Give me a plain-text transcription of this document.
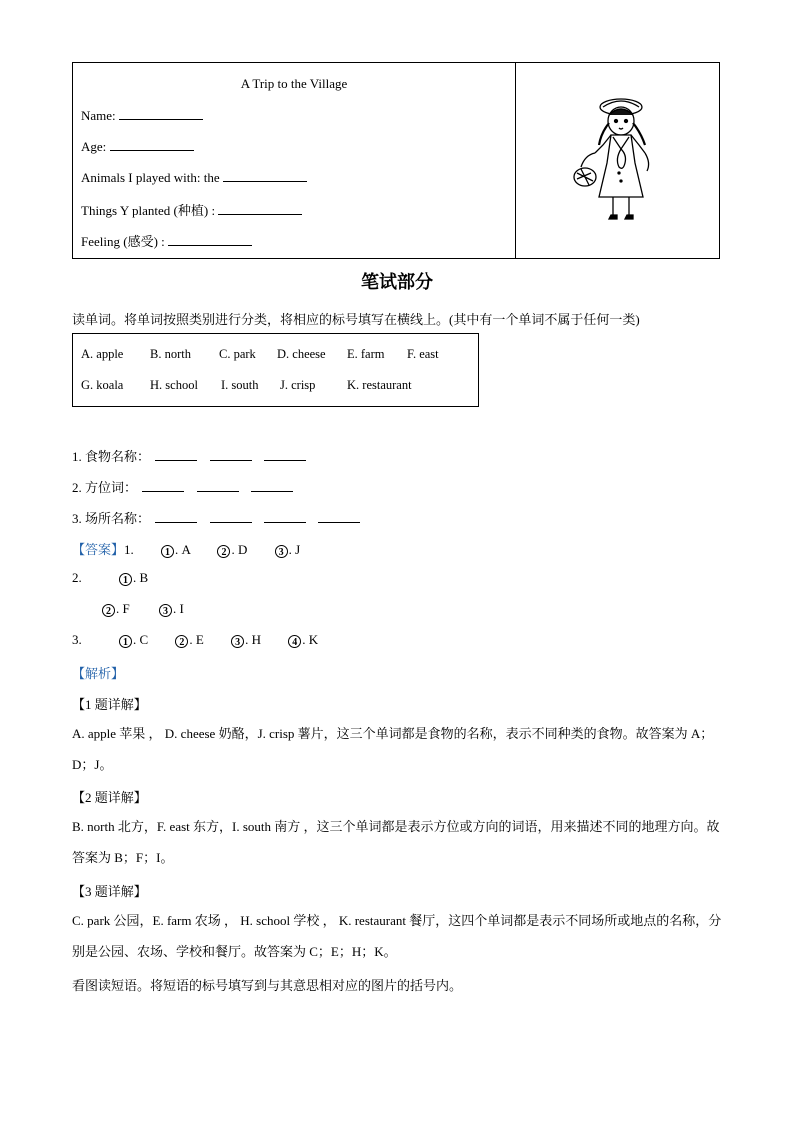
A Trip to the Village
Name:
Age:
Animals I played with: the
Things Y planted (种植) :
Feeling (感受) :
笔试部分
读单词。将单词按照类别进行分类，将相应的标号填写在横线上。(其中有一个单词不属于任何一类)
A. apple B. north C. park D. cheese E. farm F. east
G. koala H. school I. south J. crisp	K. restaurant
1. 食物名称：
2. 方位词：
3. 场所名称：
【答案】1.	1 . A	2 . D	3 . J
2.	1 . B
2 . F	3 . I
3.	1 . C	2 . E	3 . H	4 . K
【解析】
【1 题详解】
A. apple 苹果 ， D. cheese 奶酪，J. crisp 薯片，这三个单词都是食物的名称，表示不同种类的食物。故答案为 A；D；J。
【2 题详解】
B. north 北方，F. east 东方，I. south 南方 ，这三个单词都是表示方位或方向的词语，用来描述不同的地理方向。故答案为 B；F；I。
【3 题详解】
C. park 公园，E. farm 农场 ， H. school 学校 ， K. restaurant 餐厅，这四个单词都是表示不同场所或地点的名称，分别是公园、农场、学校和餐厅。故答案为 C；E；H；K。
看图读短语。将短语的标号填写到与其意思相对应的图片的括号内。
